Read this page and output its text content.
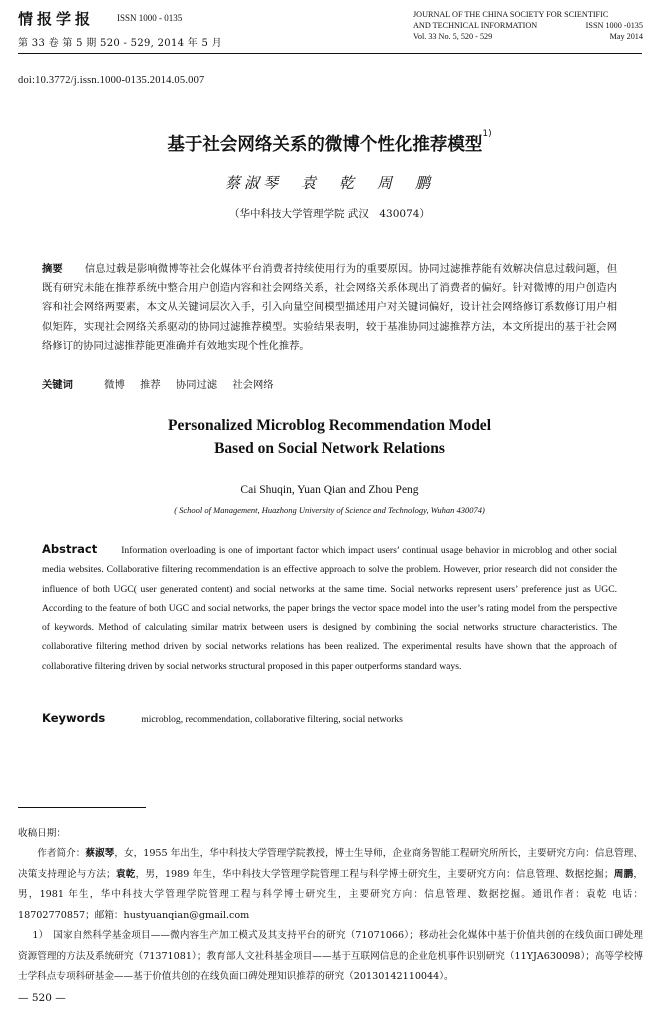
情报学报	ISSN 1000 - 0135
第 33 卷 第 5 期 520 - 529, 2014 年 5 月
JOURNAL OF THE CHINA SOCIETY FOR SCIENTIFIC
AND TECHNICAL INFORMATION	ISSN 1000 -0135
Vol. 33 No. 5, 520 - 529	May 2014
doi:10.3772/j.issn.1000-0135.2014.05.007
基于社会网络关系的微博个性化推荐模型$^{1)}$
蔡淑琴　袁　乾　周　鹏
（华中科技大学管理学院 武汉　430074）
摘要 信息过载是影响微博等社会化媒体平台消费者持续使用行为的重要原因。协同过滤推荐能有效解决信息过载问题，但既有研究未能在推荐系统中整合用户创造内容和社会网络关系，社会网络关系体现出了消费者的偏好。针对微博的用户创造内容和社会网络两要素，本文从关键词层次入手，引入向量空间模型描述用户对关键词偏好，设计社会网络修订系数修订用户相似矩阵，实现社会网络关系驱动的协同过滤推荐模型。实验结果表明，较于基准协同过滤推荐方法，本文所提出的基于社会网络修订的协同过滤推荐能更准确并有效地实现个性化推荐。
关键词	微博 推荐 协同过滤 社会网络
Personalized Microblog Recommendation Model
Based on Social Network Relations
Cai Shuqin, Yuan Qian and Zhou Peng
( School of Management, Huazhong University of Science and Technology, Wuhan 430074)
Abstract	Information overloading is one of important factor which impact users’ continual usage behavior in microblog and other social media websites. Collaborative filtering recommendation is an effective approach to solve the problem. However, prior research did not consider the influence of both UGC( user generated content) and social networks at the same time. Social networks represent users’ preference just as UGC. According to the feature of both UGC and social networks, the paper brings the vector space model into the user’s rating model from the perspective of keywords. Method of calculating similar matrix between users is designed by combining the social networks structure characteristics. The collaborative filtering method driven by social networks relations has been realized. The experimental results have shown that the approach of collaborative filtering driven by social networks structural proposed in this paper outperforms standard ways.
Keywords	microblog, recommendation, collaborative filtering, social networks
收稿日期：
作者简介：蔡淑琴，女，1955 年出生，华中科技大学管理学院教授，博士生导师，企业商务智能工程研究所所长，主要研究方向：信息管理、决策支持理论与方法；袁乾，男，1989 年生，华中科技大学管理学院管理工程与科学博士研究生，主要研究方向：信息管理、数据挖掘；周鹏，男，1981 年生，华中科技大学管理学院管理工程与科学博士研究生，主要研究方向：信息管理、数据挖掘。通讯作者：袁乾 电话：18702770857；邮箱：hustyuanqian@gmail.com
1）　国家自然科学基金项目——微内容生产加工模式及其支持平台的研究（71071066）；移动社会化媒体中基于价值共创的在线负面口碑处理资源管理的方法及系统研究（71371081）；教育部人文社科基金项目——基于互联网信息的企业危机事件识别研究（11YJA630098）；高等学校博士学科点专项科研基金——基于价值共创的在线负面口碑处理知识推荐的研究（20130142110044）。
— 520 —
